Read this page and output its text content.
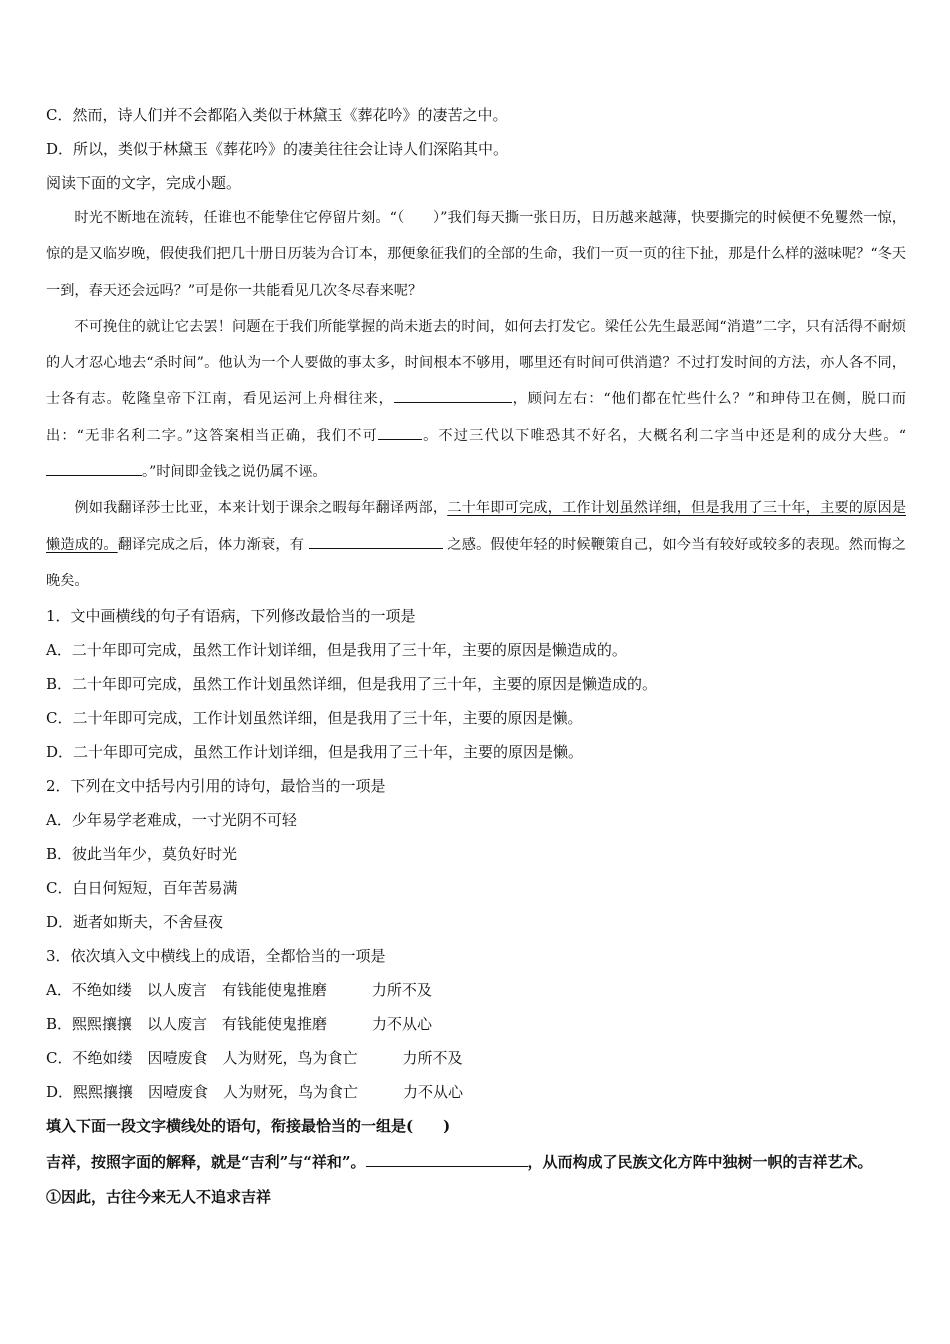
C．然而，诗人们并不会都陷入类似于林黛玉《葬花吟》的凄苦之中。
D．所以，类似于林黛玉《葬花吟》的凄美往往会让诗人们深陷其中。
阅读下面的文字，完成小题。

时光不断地在流转，任谁也不能挚住它停留片刻。“（　　）”我们每天撕一张日历，日历越来越薄，快要撕完的时候便不免矍然一惊，惊的是又临岁晚，假使我们把几十册日历装为合订本，那便象征我们的全部的生命，我们一页一页的往下扯，那是什么样的滋味呢？“冬天一到，春天还会远吗？”可是你一共能看见几次冬尽春来呢？

不可挽住的就让它去罢！问题在于我们所能掌握的尚未逝去的时间，如何去打发它。梁任公先生最恶闻“消遣”二字，只有活得不耐烦的人才忍心地去“杀时间”。他认为一个人要做的事太多，时间根本不够用，哪里还有时间可供消遣？不过打发时间的方法，亦人各不同，士各有志。乾隆皇帝下江南，看见运河上舟楫往来，	，顾问左右：“他们都在忙些什么？”和珅侍卫在侧，脱口而出：“无非名利二字。”这答案相当正确，我们不可	。不过三代以下唯恐其不好名，大概名利二字当中还是利的成分大些。“。”时间即金钱之说仍属不诬。

例如我翻译莎士比亚，本来计划于课余之暇每年翻译两部，二十年即可完成，工作计划虽然详细，但是我用了三十年，主要的原因是懒造成的。翻译完成之后，体力渐衰，有	之感。假使年轻的时候鞭策自己，如今当有较好或较多的表现。然而悔之晚矣。

1．文中画横线的句子有语病，下列修改最恰当的一项是
A．二十年即可完成，虽然工作计划详细，但是我用了三十年，主要的原因是懒造成的。
B．二十年即可完成，虽然工作计划虽然详细，但是我用了三十年，主要的原因是懒造成的。
C．二十年即可完成，工作计划虽然详细，但是我用了三十年，主要的原因是懒。
D．二十年即可完成，虽然工作计划详细，但是我用了三十年，主要的原因是懒。
2．下列在文中括号内引用的诗句，最恰当的一项是
A．少年易学老难成，一寸光阴不可轻
B．彼此当年少，莫负好时光
C．白日何短短，百年苦易满
D．逝者如斯夫，不舍昼夜
3．依次填入文中横线上的成语，全都恰当的一项是
A．不绝如缕　以人废言　有钱能使鬼推磨　　　力所不及
B．熙熙攘攘　以人废言　有钱能使鬼推磨　　　力不从心
C．不绝如缕　因噎废食　人为财死，鸟为食亡　　　力所不及
D．熙熙攘攘　因噎废食　人为财死，鸟为食亡　　　力不从心
填入下面一段文字横线处的语句，衔接最恰当的一组是(　　)

吉祥，按照字面的解释，就是“吉利”与“祥和”。	，从而构成了民族文化方阵中独树一帜的吉祥艺术。

①因此，古往今来无人不追求吉祥
